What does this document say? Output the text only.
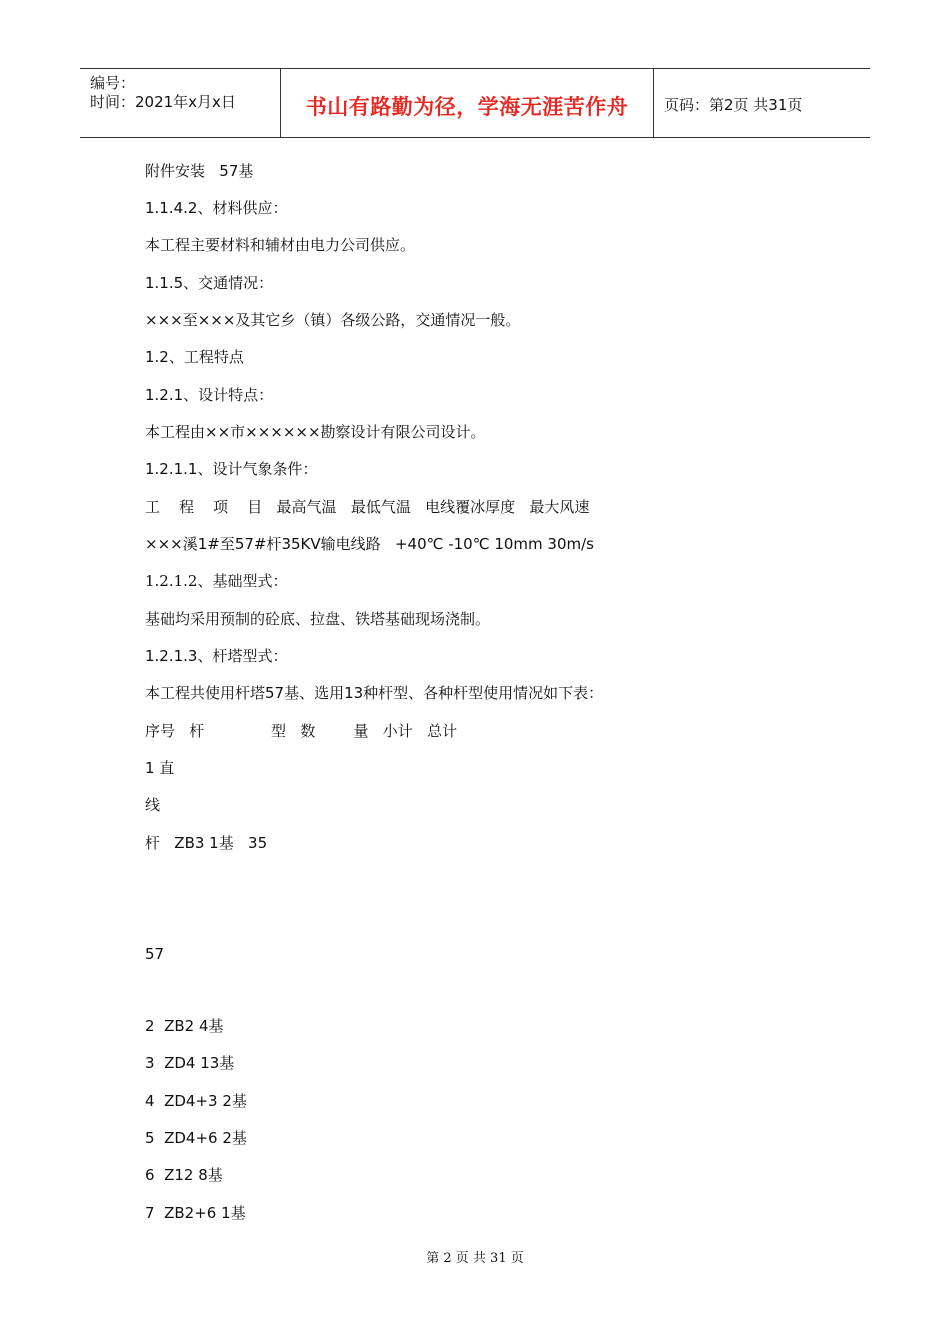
编号：
时间：2021年x月x日	书山有路勤为径，学海无涯苦作舟	页码：第2页 共31页
附件安装   57基
1.1.4.2、材料供应：
本工程主要材料和辅材由电力公司供应。
1.1.5、交通情况：
×××至×××及其它乡（镇）各级公路，交通情况一般。
1.2、工程特点
1.2.1、设计特点：
本工程由××市××××××勘察设计有限公司设计。
1.2.1.1、设计气象条件：
工    程    项    目   最高气温   最低气温   电线覆冰厚度   最大风速
×××溪1#至57#杆35KV输电线路   +40℃ -10℃ 10mm 30m/s
1.2.1.2、基础型式：
基础均采用预制的砼底、拉盘、铁塔基础现场浇制。
1.2.1.3、杆塔型式：
本工程共使用杆塔57基、选用13种杆型、各种杆型使用情况如下表：
序号   杆              型   数        量   小计   总计
1 直
线
杆   ZB3 1基   35
57
2  ZB2 4基
3  ZD4 13基
4  ZD4+3 2基
5  ZD4+6 2基
6  Z12 8基
7  ZB2+6 1基
第 2 页 共 31 页
